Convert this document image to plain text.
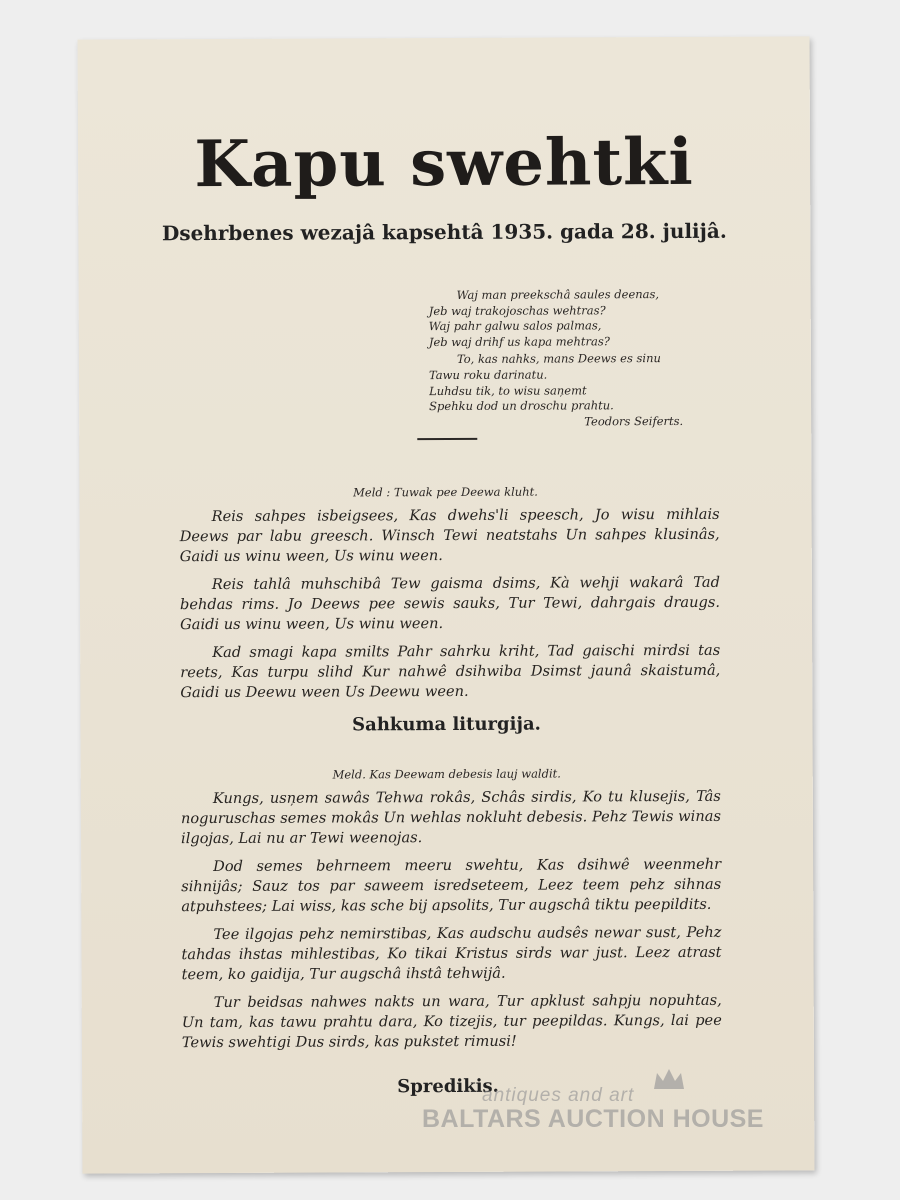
Kapu swehtki
Dsehrbenes wezajâ kapsehtâ 1935. gada 28. julijâ.
Waj man preekschâ saules deenas,
Jeb waj trakojoschas wehtras?
Waj pahr galwu salos palmas,
Jeb waj drihf us kapa mehtras?
To, kas nahks, mans Deews es sinu
Tawu roku darinatu.
Luhdsu tik, to wisu saņemt
Spehku dod un droschu prahtu.
Teodors Seiferts.
Meld : Tuwak pee Deewa kluht.

Reis sahpes isbeigsees, Kas dwehs'li speesch, Jo wisu mihlais Deews par labu greesch. Winsch Tewi neatstahs Un sahpes klusinâs, Gaidi us winu ween, Us winu ween.

Reis tahlâ muhschibâ Tew gaisma dsims, Kà wehji wakarâ Tad behdas rims. Jo Deews pee sewis sauks, Tur Tewi, dahrgais draugs. Gaidi us winu ween, Us winu ween.

Kad smagi kapa smilts Pahr sahrku kriht, Tad gaischi mirdsi tas reets, Kas turpu slihd Kur nahwê dsihwiba Dsimst jaunâ skaistumâ, Gaidi us Deewu ween Us Deewu ween.

Sahkuma liturgija.
Meld. Kas Deewam debesis lauj waldit.

Kungs, usņem sawâs Tehwa rokâs, Schâs sirdis, Ko tu klusejis, Tâs noguruschas semes mokâs Un wehlas nokluht debesis. Pehz Tewis winas ilgojas, Lai nu ar Tewi weenojas.

Dod semes behrneem meeru swehtu, Kas dsihwê weenmehr sihnijâs; Sauz tos par saweem isredseteem, Leez teem pehz sihnas atpuhstees; Lai wiss, kas sche bij apsolits, Tur augschâ tiktu peepildits.

Tee ilgojas pehz nemirstibas, Kas audschu audsês newar sust, Pehz tahdas ihstas mihlestibas, Ko tikai Kristus sirds war just. Leez atrast teem, ko gaidija, Tur augschâ ihstâ tehwijâ.

Tur beidsas nahwes nakts un wara, Tur apklust sahpju nopuhtas, Un tam, kas tawu prahtu dara, Ko tizejis, tur peepildas. Kungs, lai pee Tewis swehtigi Dus sirds, kas pukstet rimusi!

Spredikis.
antiques and art
BALTARS AUCTION HOUSE
